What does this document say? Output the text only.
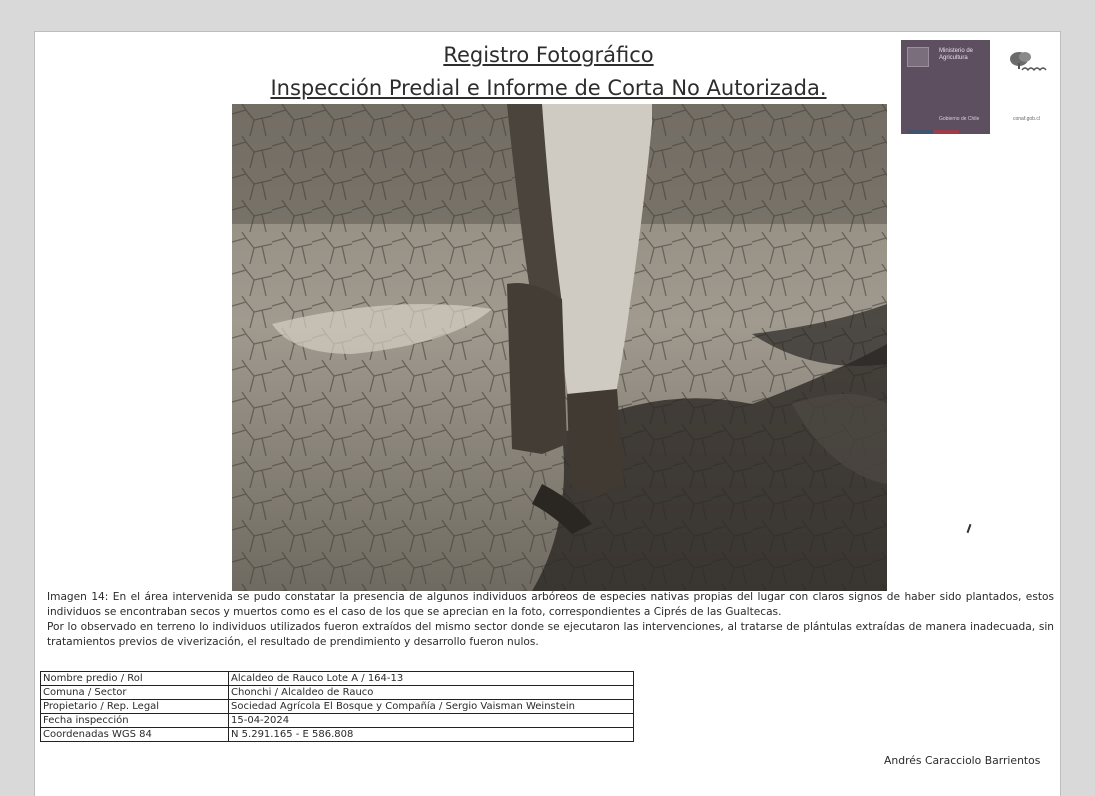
Registro Fotográfico
Inspección Predial e Informe de Corta No Autorizada.
Ministerio de Agricultura
Gobierno de Chile	conaf.gob.cl

Imagen 14: En el área intervenida se pudo constatar la presencia de algunos individuos arbóreos de especies nativas propias del lugar con claros signos de haber sido plantados, estos individuos se encontraban secos y muertos como es el caso de los que se aprecian en la foto, correspondientes a Ciprés de las Gualtecas.

Por lo observado en terreno lo individuos utilizados fueron extraídos del mismo sector donde se ejecutaron las intervenciones, al tratarse de plántulas extraídas de manera inadecuada, sin tratamientos previos de viverización, el resultado de prendimiento y desarrollo fueron nulos.

Nombre predio / Rol	Alcaldeo de Rauco Lote A / 164-13
Comuna / Sector	Chonchi / Alcaldeo de Rauco
Propietario / Rep. Legal	Sociedad Agrícola El Bosque y Compañía / Sergio Vaisman Weinstein
Fecha inspección	15-04-2024
Coordenadas WGS 84	N 5.291.165 - E 586.808
Andrés Caracciolo Barrientos
